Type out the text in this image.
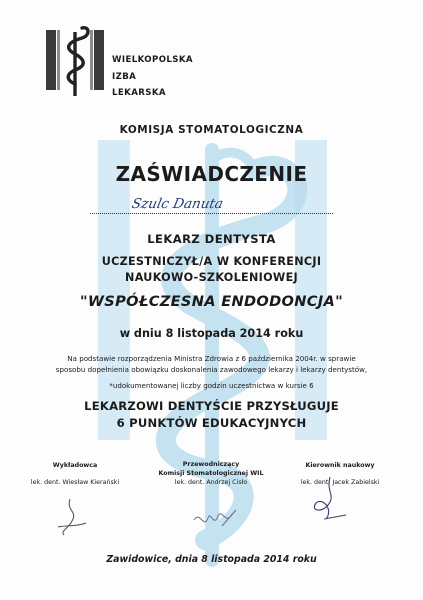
WIELKOPOLSKA
IZBA
LEKARSKA
KOMISJA STOMATOLOGICZNA
ZAŚWIADCZENIE
Szulc Danuta
LEKARZ DENTYSTA
UCZESTNICZYŁ/A W KONFERENCJI
NAUKOWO-SZKOLENIOWEJ
"WSPÓŁCZESNA ENDODONCJA"
w dniu 8 listopada 2014 roku
Na podstawie rozporządzenia Ministra Zdrowia z 6 października 2004r. w sprawie
sposobu dopełnienia obowiązku doskonalenia zawodowego lekarzy i lekarzy dentystów,
*udokumentowanej liczby godzin uczestnictwa w kursie 6
LEKARZOWI DENTYŚCIE PRZYSŁUGUJE
6 PUNKTÓW EDUKACYJNYCH
Wykładowca
lek. dent. Wiesław Kierański
Przewodniczący
Komisji Stomatologicznej WIL
lek. dent. Andrzej Cisło
Kierownik naukowy
lek. dent. Jacek Zabielski
Zawidowice, dnia 8 listopada 2014 roku
